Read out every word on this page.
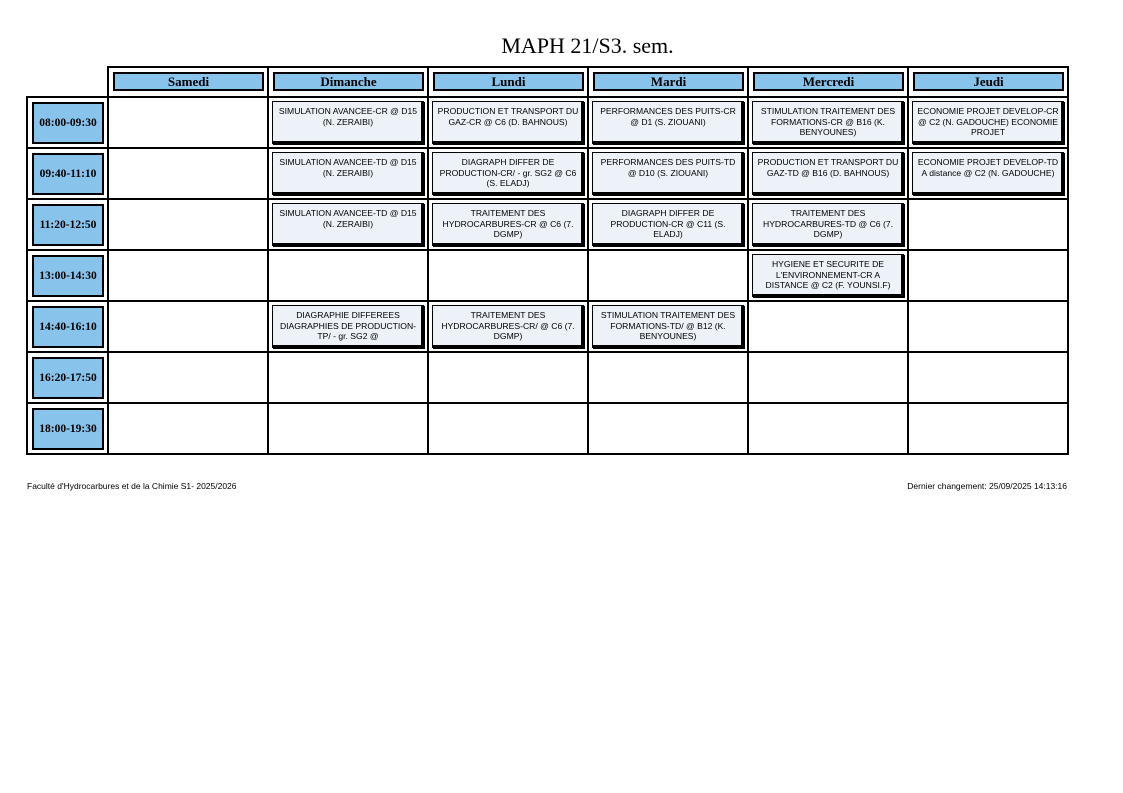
MAPH 21/S3. sem.

Samedi	Dimanche	Lundi	Mardi	Mercredi	Jeudi

08:00-09:30		SIMULATION AVANCEE-CR @ D15 (N. ZERAIBI)	PRODUCTION ET TRANSPORT DU GAZ-CR @ C6 (D. BAHNOUS)	PERFORMANCES DES PUITS-CR @ D1 (S. ZIOUANI)	STIMULATION TRAITEMENT DES FORMATIONS-CR @ B16 (K. BENYOUNES)	ECONOMIE PROJET DEVELOP-CR @ C2 (N. GADOUCHE) ECONOMIE PROJET

09:40-11:10		SIMULATION AVANCEE-TD @ D15 (N. ZERAIBI)	DIAGRAPH DIFFER DE PRODUCTION-CR/ - gr. SG2 @ C6 (S. ELADJ)	PERFORMANCES DES PUITS-TD @ D10 (S. ZIOUANI)	PRODUCTION ET TRANSPORT DU GAZ-TD @ B16 (D. BAHNOUS)	ECONOMIE PROJET DEVELOP-TD A distance @ C2 (N. GADOUCHE)

11:20-12:50		SIMULATION AVANCEE-TD @ D15 (N. ZERAIBI)	TRAITEMENT DES HYDROCARBURES-CR @ C6 (7. DGMP)	DIAGRAPH DIFFER DE PRODUCTION-CR @ C11 (S. ELADJ)	TRAITEMENT DES HYDROCARBURES-TD @ C6 (7. DGMP)	

13:00-14:30					HYGIENE ET SECURITE DE L'ENVIRONNEMENT-CR A DISTANCE @ C2 (F. YOUNSI.F)	

14:40-16:10		DIAGRAPHIE DIFFEREES DIAGRAPHIES DE PRODUCTION-TP/ - gr. SG2 @	TRAITEMENT DES HYDROCARBURES-CR/ @ C6 (7. DGMP)	STIMULATION TRAITEMENT DES FORMATIONS-TD/ @ B12 (K. BENYOUNES)		

16:20-17:50						

18:00-19:30						

Faculté d'Hydrocarbures et de la Chimie S1- 2025/2026	Dernier changement: 25/09/2025 14:13:16
